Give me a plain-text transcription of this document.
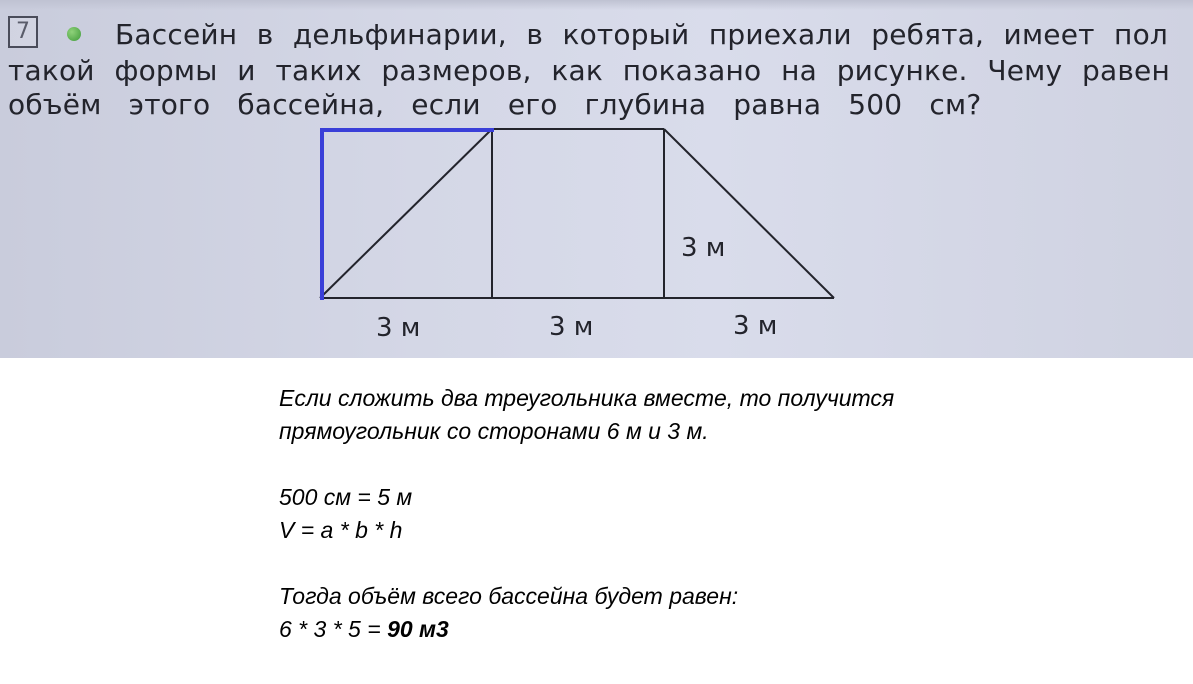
7	Бассейн в дельфинарии, в который приехали ребята, имеет пол
такой формы и таких размеров, как показано на рисунке. Чему равен
объём этого бассейна, если его глубина равна 500 см?
3 м
3 м	3 м	3 м

Если сложить два треугольника вместе, то получится

прямоугольник со сторонами 6 м и 3 м.

500 см = 5 м

V = a * b * h

Тогда объём всего бассейна будет равен:

6 * 3 * 5 = 90 м3
